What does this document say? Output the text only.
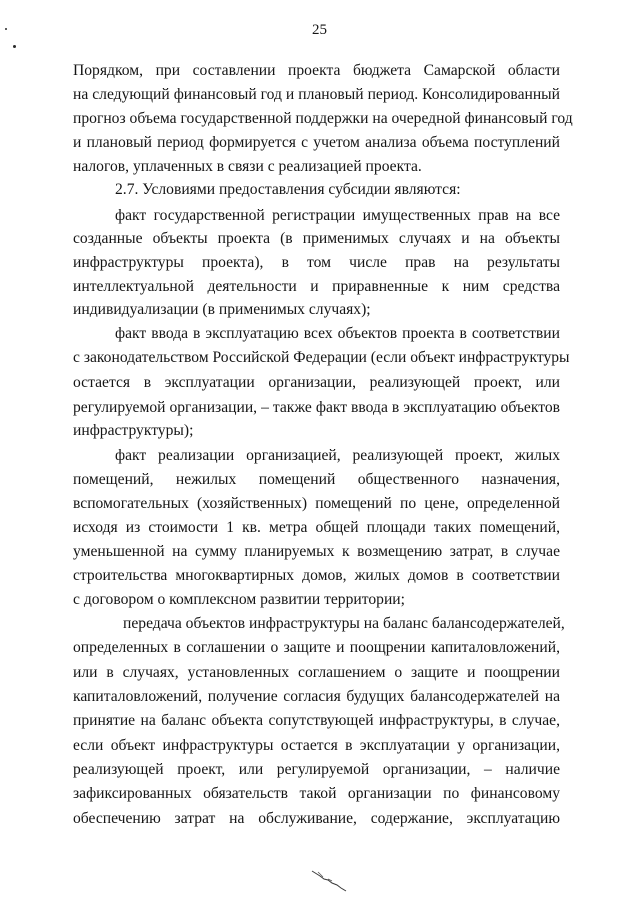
25
Порядком, при составлении проекта бюджета Самарской области
на следующий финансовый год и плановый период. Консолидированный
прогноз объема государственной поддержки на очередной финансовый год
и плановый период формируется с учетом анализа объема поступлений
налогов, уплаченных в связи с реализацией проекта.
2.7. Условиями предоставления субсидии являются:
факт государственной регистрации имущественных прав на все
созданные объекты проекта (в применимых случаях и на объекты
инфраструктуры проекта), в том числе прав на результаты
интеллектуальной деятельности и приравненные к ним средства
индивидуализации (в применимых случаях);
факт ввода в эксплуатацию всех объектов проекта в соответствии
с законодательством Российской Федерации (если объект инфраструктуры
остается в эксплуатации организации, реализующей проект, или
регулируемой организации, – также факт ввода в эксплуатацию объектов
инфраструктуры);
факт реализации организацией, реализующей проект, жилых
помещений, нежилых помещений общественного назначения,
вспомогательных (хозяйственных) помещений по цене, определенной
исходя из стоимости 1 кв. метра общей площади таких помещений,
уменьшенной на сумму планируемых к возмещению затрат, в случае
строительства многоквартирных домов, жилых домов в соответствии
с договором о комплексном развитии территории;
передача объектов инфраструктуры на баланс балансодержателей,
определенных в соглашении о защите и поощрении капиталовложений,
или в случаях, установленных соглашением о защите и поощрении
капиталовложений, получение согласия будущих балансодержателей на
принятие на баланс объекта сопутствующей инфраструктуры, в случае,
если объект инфраструктуры остается в эксплуатации у организации,
реализующей проект, или регулируемой организации, – наличие
зафиксированных обязательств такой организации по финансовому
обеспечению затрат на обслуживание, содержание, эксплуатацию
